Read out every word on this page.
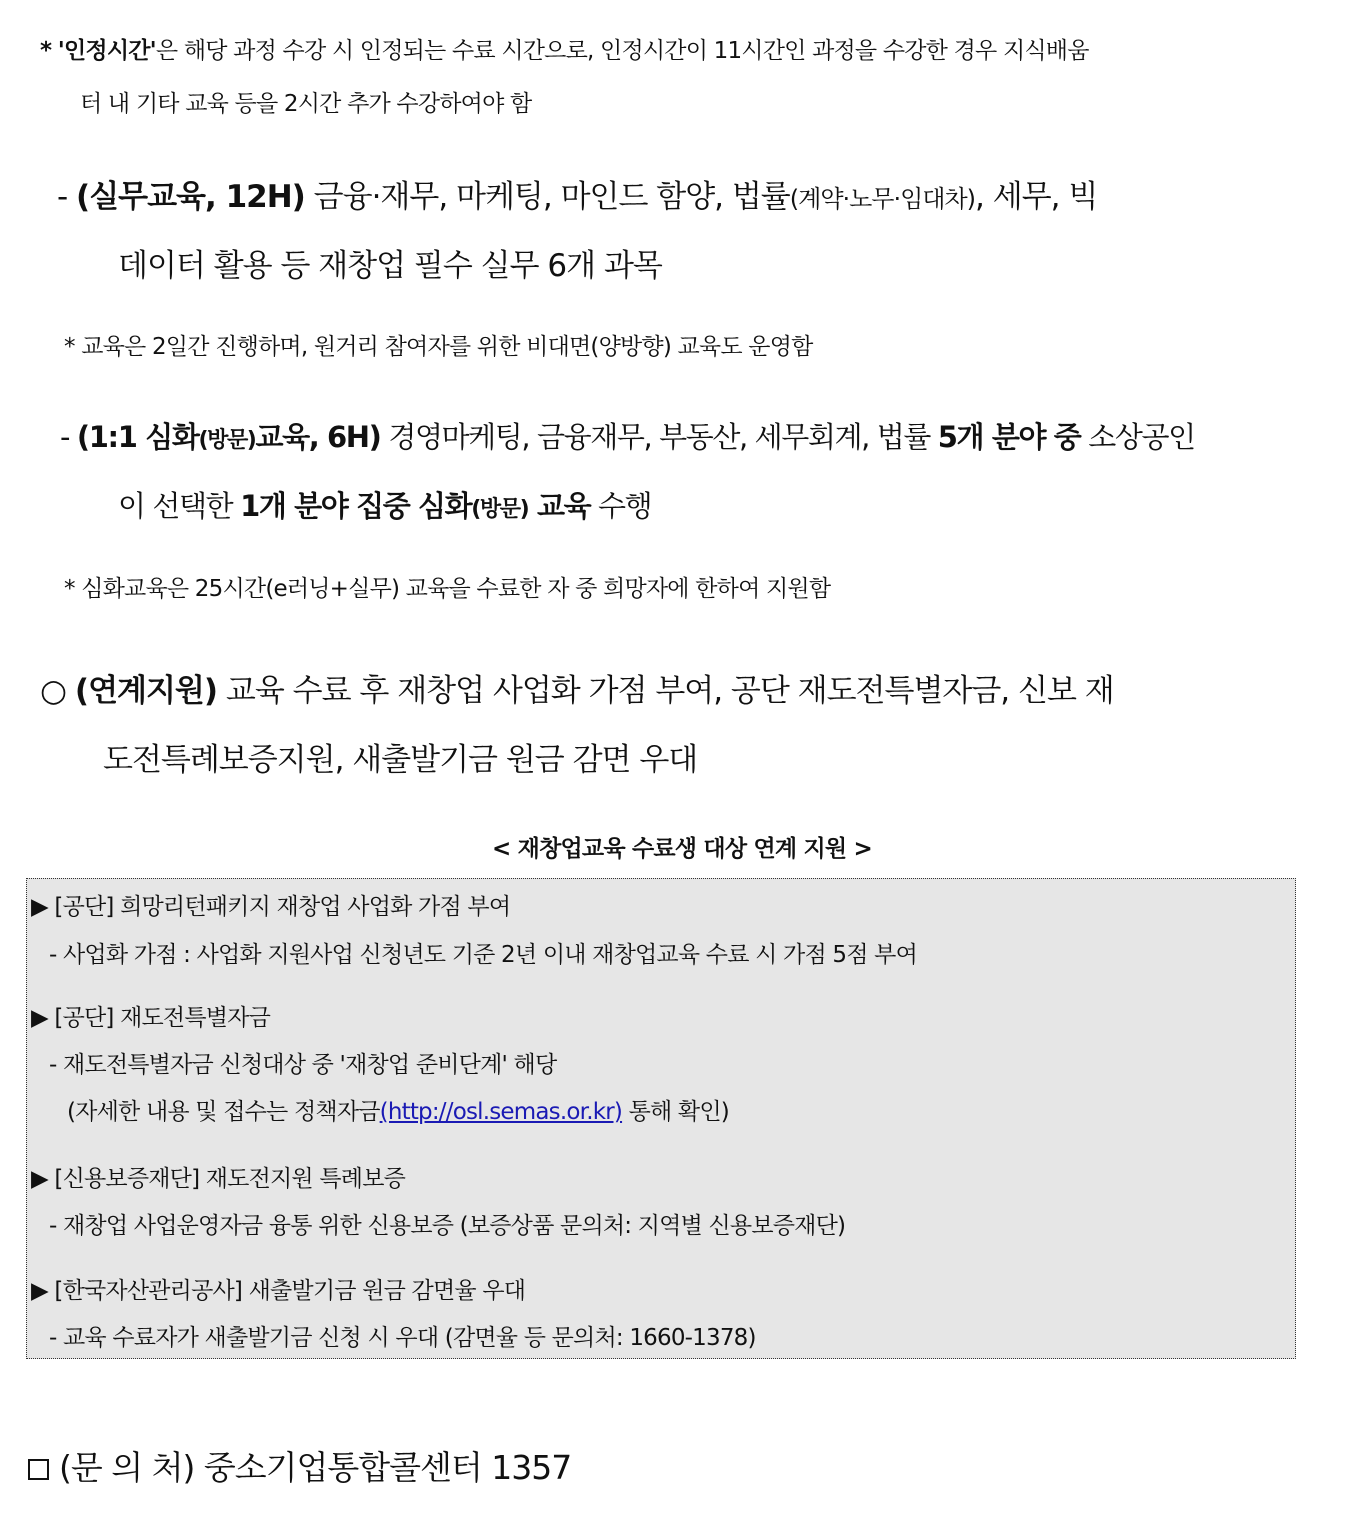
* '인정시간'은 해당 과정 수강 시 인정되는 수료 시간으로, 인정시간이 11시간인 과정을 수강한 경우 지식배움
터 내 기타 교육 등을 2시간 추가 수강하여야 함
- (실무교육, 12H) 금융·재무, 마케팅, 마인드 함양, 법률(계약·노무·임대차), 세무, 빅
데이터 활용 등 재창업 필수 실무 6개 과목
* 교육은 2일간 진행하며, 원거리 참여자를 위한 비대면(양방향) 교육도 운영함
- (1:1 심화(방문)교육, 6H) 경영마케팅, 금융재무, 부동산, 세무회계, 법률 5개 분야 중 소상공인
이 선택한 1개 분야 집중 심화(방문) 교육 수행
* 심화교육은 25시간(e러닝+실무) 교육을 수료한 자 중 희망자에 한하여 지원함
○ (연계지원) 교육 수료 후 재창업 사업화 가점 부여, 공단 재도전특별자금, 신보 재
도전특례보증지원, 새출발기금 원금 감면 우대
< 재창업교육 수료생 대상 연계 지원 >
▶ [공단] 희망리턴패키지 재창업 사업화 가점 부여
- 사업화 가점 : 사업화 지원사업 신청년도 기준 2년 이내 재창업교육 수료 시 가점 5점 부여
▶ [공단] 재도전특별자금
- 재도전특별자금 신청대상 중 '재창업 준비단계' 해당
(자세한 내용 및 접수는 정책자금(http://osl.semas.or.kr) 통해 확인)
▶ [신용보증재단] 재도전지원 특례보증
- 재창업 사업운영자금 융통 위한 신용보증 (보증상품 문의처: 지역별 신용보증재단)
▶ [한국자산관리공사] 새출발기금 원금 감면율 우대
- 교육 수료자가 새출발기금 신청 시 우대 (감면율 등 문의처: 1660-1378)
(문 의 처) 중소기업통합콜센터 1357
